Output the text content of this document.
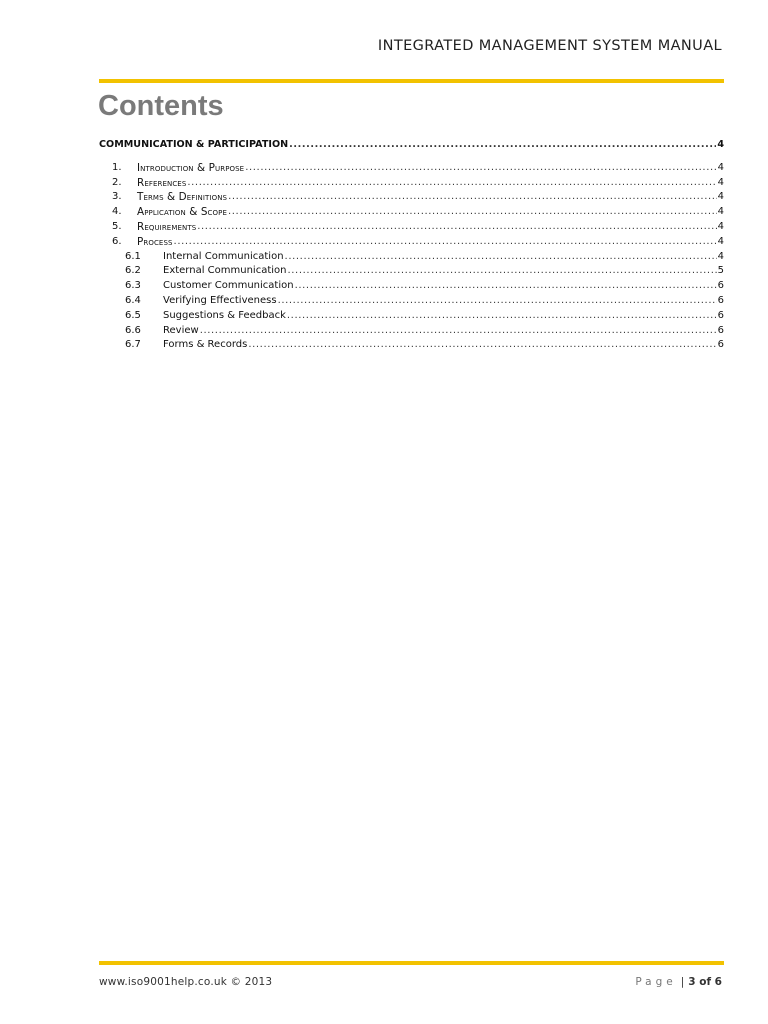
INTEGRATED MANAGEMENT SYSTEM MANUAL
Contents
COMMUNICATION & PARTICIPATION .....	4
1.	Introduction & Purpose .....	4
2.	References .....	4
3.	Terms & Definitions .....	4
4.	Application & Scope .....	4
5.	Requirements .....	4
6.	Process .....	4
6.1	Internal Communication .....	4
6.2	External Communication .....	5
6.3	Customer Communication .....	6
6.4	Verifying Effectiveness .....	6
6.5	Suggestions & Feedback .....	6
6.6	Review .....	6
6.7	Forms & Records .....	6
www.iso9001help.co.uk © 2013	Page | 3 of 6
